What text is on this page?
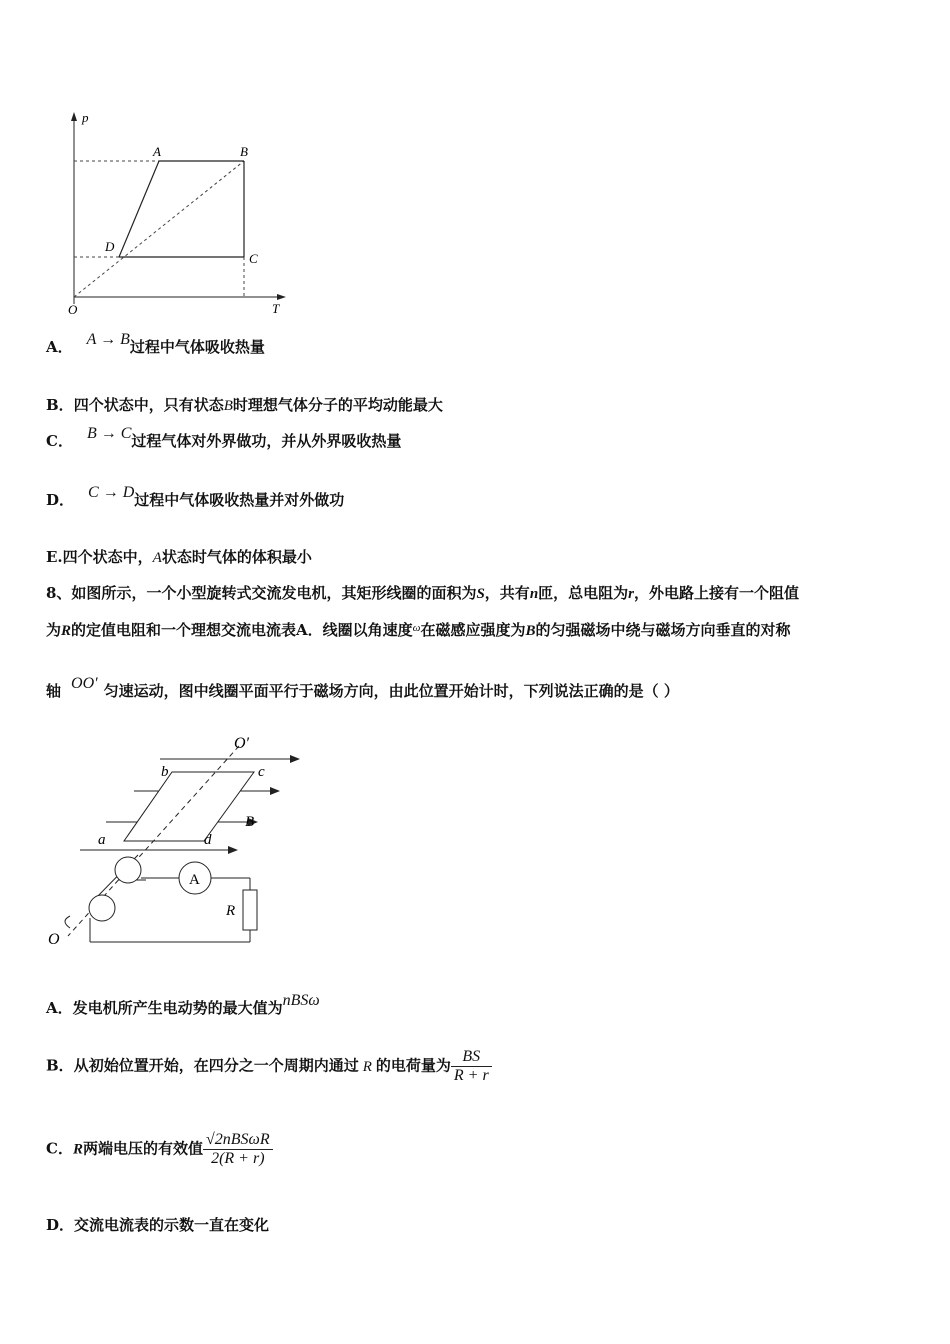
p
T
O
A	B
C
D
A． A → B过程中气体吸收热量
B．四个状态中，只有状态B时理想气体分子的平均动能最大
C． B → C过程气体对外界做功，并从外界吸收热量
D． C → D过程中气体吸收热量并对外做功
E.四个状态中，A状态时气体的体积最小
8、如图所示，一个小型旋转式交流发电机，其矩形线圈的面积为S，共有n匝，总电阻为r，外电路上接有一个阻值
为R的定值电阻和一个理想交流电流表A．线圈以角速度$^\omega$在磁感应强度为B的匀强磁场中绕与磁场方向垂直的对称
轴 OO′ 匀速运动，图中线圈平面平行于磁场方向，由此位置开始计时，下列说法正确的是（ ）
O′
b	c
a	d
B
A
R
O
A．发电机所产生电动势的最大值为nBSω
B．从初始位置开始，在四分之一个周期内通过 R 的电荷量为 $\frac{BS}{R + r}$
C．R两端电压的有效值 $\frac{\text{√2nBSωR}}{2(R + r)}$
D．交流电流表的示数一直在变化
